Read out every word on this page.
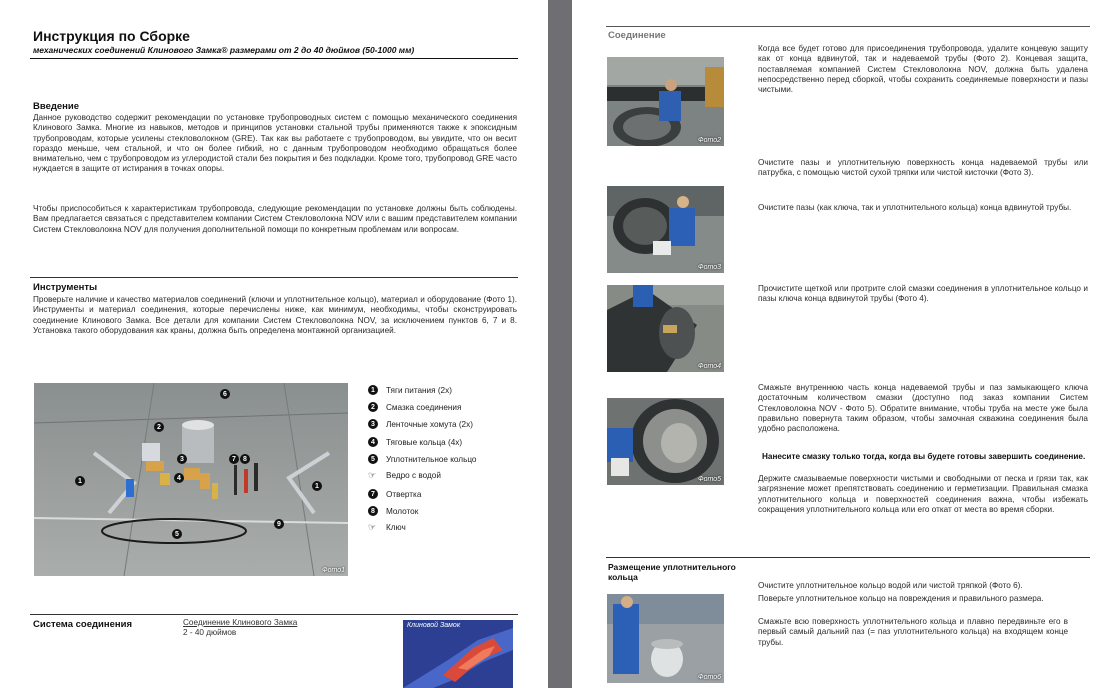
Инструкция по Сборке
механических соединений Клинового Замка® размерами от 2 до 40 дюймов (50-1000 мм)
Введение
Данное руководство содержит рекомендации по установке трубопроводных систем с помощью механического соединения Клинового Замка. Многие из навыков, методов и принципов установки стальной трубы применяются также к эпоксидным трубопроводам, которые усилены стекловолокном (GRE). Так как вы работаете с трубопроводом, вы увидите, что он весит гораздо меньше, чем стальной, и что он более гибкий, но с данным трубопроводом необходимо обращаться более внимательно, чем с трубопроводом из углеродистой стали без покрытия и без подкладки. Кроме того, трубопровод GRE часто нуждается в защите от истирания в точках опоры.
Чтобы приспособиться к характеристикам трубопровода, следующие рекомендации по установке должны быть соблюдены. Вам предлагается связаться с представителем компании Систем Стекловолокна NOV или с вашим представителем компании Систем Стекловолокна NOV для получения дополнительной помощи по конкретным проблемам или вопросам.
Инструменты
Проверьте наличие и качество материалов соединений (ключи и уплотнительное кольцо), материал и оборудование (Фото 1). Инструменты и материал соединения, которые перечислены ниже, как минимум, необходимы, чтобы сконструировать соединение Клинового Замка. Все детали для компании Систем Стекловолокна NOV, за исключением пунктов 6, 7 и 8. Установка такого оборудования как краны, должна быть определена монтажной организацией.
1
2
3
4
5
6
7	8
9
1
Фото1
1	Тяги питания (2х)
2	Смазка соединения
3	Ленточные хомута (2х)
4	Тяговые кольца (4х)
5	Уплотнительное кольцо
☞ Ведро с водой
7	Отвертка
8	Молоток
☞ Ключ
Система соединения	Соединение Клинового Замка
2 - 40 дюймов
Клиновой Замок
Соединение
Фото2
Когда все будет готово для присоединения трубопровода, удалите концевую защиту как от конца вдвинутой, так и надеваемой трубы (Фото 2). Концевая защита, поставляемая компанией Систем Стекловолокна NOV, должна быть удалена непосредственно перед сборкой, чтобы сохранить соединяемые поверхности и пазы чистыми.
Фото3
Очистите пазы и уплотнительную поверхность конца надеваемой трубы или патрубка, с помощью чистой сухой тряпки или чистой кисточки (Фото 3).
Очистите пазы (как ключа, так и уплотнительного кольца) конца вдвинутой трубы.
Фото4
Прочистите щеткой или протрите слой смазки соединения в уплотнительное кольцо и пазы ключа конца вдвинутой трубы (Фото 4).
Фото5
Смажьте внутреннюю часть конца надеваемой трубы и паз замыкающего ключа достаточным количеством смазки (доступно под заказ компании Систем Стекловолокна NOV - Фото 5). Обратите внимание, чтобы труба на месте уже была правильно повернута таким образом, чтобы замочная скважина соединения была удобно расположена.
Нанесите смазку только тогда, когда вы будете готовы завершить соединение.
Держите смазываемые поверхности чистыми и свободными от песка и грязи так, как загрязнение может препятствовать соединению и герметизации. Правильная смазка уплотнительного кольца и поверхностей соединения важна, чтобы избежать сокращения уплотнительного кольца или его откат от места во время сборки.
Размещение уплотнительного кольца
Фото6
Очистите уплотнительное кольцо водой или чистой тряпкой (Фото 6).
Поверьте уплотнительное кольцо на повреждения и правильного размера.
Смажьте всю поверхность уплотнительного кольца и плавно передвиньте его в первый самый дальний паз (= паз уплотнительного кольца) на входящем конце трубы.
